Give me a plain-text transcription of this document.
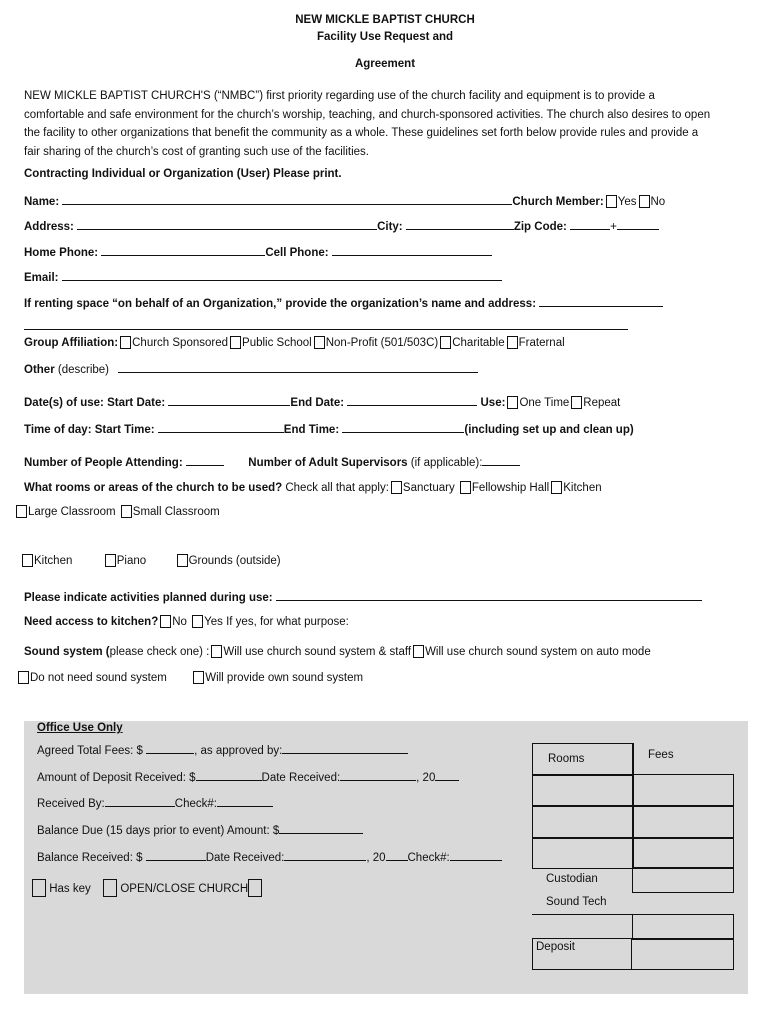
NEW MICKLE BAPTIST CHURCH
Facility Use Request and
Agreement
NEW MICKLE BAPTIST CHURCH'S (“NMBC”) first priority regarding use of the church facility and equipment is to provide a comfortable and safe environment for the church’s worship, teaching, and church-sponsored activities. The church also desires to open the facility to other organizations that benefit the community as a whole. These guidelines set forth below provide rules and provide a fair sharing of the church’s cost of granting such use of the facilities.
Contracting Individual or Organization (User) Please print.
Name:	Church Member: Yes No
Address:	City:	Zip Code:	+
Home Phone:	Cell Phone:
Email:
If renting space “on behalf of an Organization,” provide the organization’s name and address:
Group Affiliation: Church Sponsored Public School Non-Profit (501/503C) Charitable Fraternal
Other (describe)
Date(s) of use: Start Date:	End Date:	Use: One Time Repeat
Time of day: Start Time:	End Time:	(including set up and clean up)
Number of People Attending:	Number of Adult Supervisors (if applicable):
What rooms or areas of the church to be used? Check all that apply: Sanctuary Fellowship Hall Kitchen
Large Classroom Small Classroom
Kitchen	Piano	Grounds (outside)
Please indicate activities planned during use:
Need access to kitchen? No Yes If yes, for what purpose:
Sound system (please check one) : Will use church sound system & staff Will use church sound system on auto mode
Do not need sound system	Will provide own sound system
Office Use Only
Agreed Total Fees: $	, as approved by:
Amount of Deposit Received: $	Date Received:	, 20
Received By:	Check#:
Balance Due (15 days prior to event) Amount: $
Balance Received: $	Date Received:	, 20 Check#:
Has key	OPEN/CLOSE CHURCH
Rooms	Fees
Custodian
Sound Tech
Deposit
